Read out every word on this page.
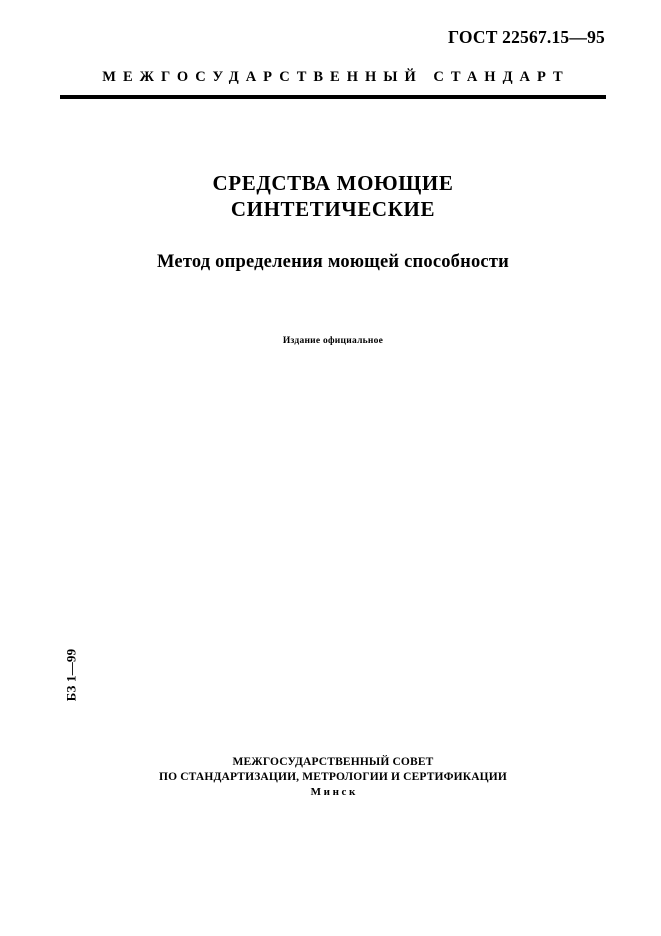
ГОСТ 22567.15—95
МЕЖГОСУДАРСТВЕННЫЙ СТАНДАРТ
СРЕДСТВА МОЮЩИЕ
СИНТЕТИЧЕСКИЕ
Метод определения моющей способности
Издание официальное
БЗ 1—99
МЕЖГОСУДАРСТВЕННЫЙ СОВЕТ
ПО СТАНДАРТИЗАЦИИ, МЕТРОЛОГИИ И СЕРТИФИКАЦИИ
Минск
